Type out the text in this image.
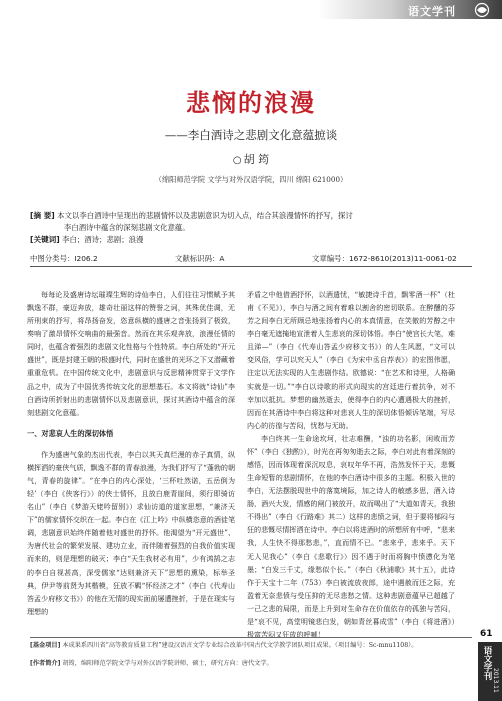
语文学刊

悲悯的浪漫

——李白酒诗之悲剧文化意蕴摭谈

○ 胡 筠

（绵阳师范学院 文学与对外汉语学院，四川 绵阳 621000）

[摘 要] 本文以李白酒诗中呈现出的悲剧情怀以及悲剧意识为切入点，结合其浪漫情怀的抒写，探讨

李白酒诗中蕴含的深刻悲剧文化意蕴。

[关键词] 李白；酒诗；悲剧；浪漫

中图分类号：I206.2	文献标识码：A	文章编号：1672-8610(2013)11-0061-02

每每论及盛唐诗坛璀璨生辉的诗仙李白，人们往往习惯赋予其飘逸不群，豪迈奔放，雄奇壮丽这样的赞誉之词，其殊优佳调，无所刑束的抒写，将昂扬奋发，恣意纵横的盛唐之音张扬到了极致，奏响了激昂情怀交响曲的最强音。然而在其乐观奔放，浪漫任情的同时，也蕴含着强烈的悲剧文化性格与个性特质。李白所处的“开元盛世”，既是封建王朝的极盛时代，同时在盛世的光环之下又潜藏着重重危机。在中国传统文化中，悲剧意识与反思精神贯穿于文学作品之中，成为了中国优秀传统文化的思想基石。本文将就“诗仙”李白酒诗所折射出的悲剧情怀以及悲剧意识，探讨其酒诗中蕴含的深刻悲剧文化意蕴。

一、对悲哀人生的深切体悟

作为盛唐气象的杰出代表，李白以其天真烂漫的赤子真情，纵横挥洒的豪侠气质，飘逸不群的青春浪漫，为我们抒写了“蓬勃的朝气，青春的旋律”。“在李白的内心深处，‘三杯吐然诺，五岳倒为轻’（李白《侠客行》）的侠士情怀，且放白鹿青崖间，须行即骑访名山”（李白《梦游天姥吟留别》）求仙访道的道家思想，“兼济天下”的儒家情怀交织在一起。李白在《江上吟》中纵横恣意的酒徒笔调，悲剧意识始终伴随着他对盛世的抒怀。他渴望为“开元盛世”、为唐代社会的繁荣发展、建功立业，而伴随着强烈的自我价值实现而来的，则是理想的破灭；李白“天生我材必有用”，少有鸿鹄之志的李白自视甚高，深受儒家“达则兼济天下”思想的熏染，标举圣典，伊尹等前贤为其楷模，狂放不羁“怀经济之才”（李白《代寿山答孟少府移文书》）的他在无情的现实面前屡遭挫折，于是在现实与理想的

矛盾之中他借酒抒怀，以酒遣忧，“敏捷诗千首，飘零酒一杯”（杜甫《不见》），李白与酒之间有着难以割舍的密切联系。在醉醺的芬芳之间李白无所顾忌地张扬着内心的本真情意，在笑傲的芳醇之中李白毫无遮掩地宣泄着人生悲哀的深切体悟。李白“使宫长大笔，难且涕—”（李白《代寿山答孟少府移文书》）的人生风愿，“文可以变风俗，学可以究天人”（李白《为宋中丞自荐表》）的宏图伟愿，注定以无法实现的人生悲剧作结。欧德说：“在艺术和诗里，人格确实就是一切。”“李白以诗歌的形式向现实的宫廷进行着抗争，对不幸加以抵抗。梦想的幽然逝去，使得李白的内心遭遇极大的挫折，因而在其酒诗中李白将这种对悲哀人生的深切体悟倾诉笔端，写尽内心的彷徨与苦闷，忧愁与无助。

李白终其一生命途坎坷，壮志难酬，“浊的功名影，闲败而芳怀”（李白《独酌》），时光在再匆匆逝去之际，李白对此有着深刻的感悟，因而体现着深沉叹息，哀叹年华不再，浩然发怀于天，悲慨生命短暂的悲剧情怀，在他的李白酒诗中很多的主题。积极入世的李白，无法摆脱现世中的落寞境际，加之诗人的敏感多思，酒入诗肠，酒兴大发，情感的闸门被放开，故而喝出了“大道如青天，我独不得出”（李白《行路难》其二）这样的悲愤之词，但于要将郁闷与狂的悲慨尽情挥洒在诗中。李白以将进酒时的所想所有中呼，“悲来我，人生快不得那愁悲，”，直而情不已。“悲来乎，悲来乎。天下无人见我心”（李白《悲歌行》）因不遇于时而将胸中愤懑化为笔墨；“白发三千丈，缘愁似个长。”（李白《秋浦歌》其十五），此诗作于天宝十二年（753）李白被流放夜郎，途中遇赦而还之际，充盈着无奈悲愤与受压抑的无尽悲愁之情。这种悲剧意蕴早已超越了一己之悲的局限，而是上升到对生命存在价值依存的孤独与苦闷，是“哀不见，高堂明镜悲白发，朝如青丝暮成雪”（李白《将进酒》）极富苦闷又狂放的呼喊！

[基金项目] 本成果系四川省“高等教育质量工程”建设汉语言文学专业综合改革中国古代文学教学团队项目成果。（项目编号：Sc-mnu1108）。

[作者简介] 胡筠，绵阳师范学院文学与对外汉语学院讲师，硕士，研究方向：唐代文学。

61

语文学刊

2013.11
